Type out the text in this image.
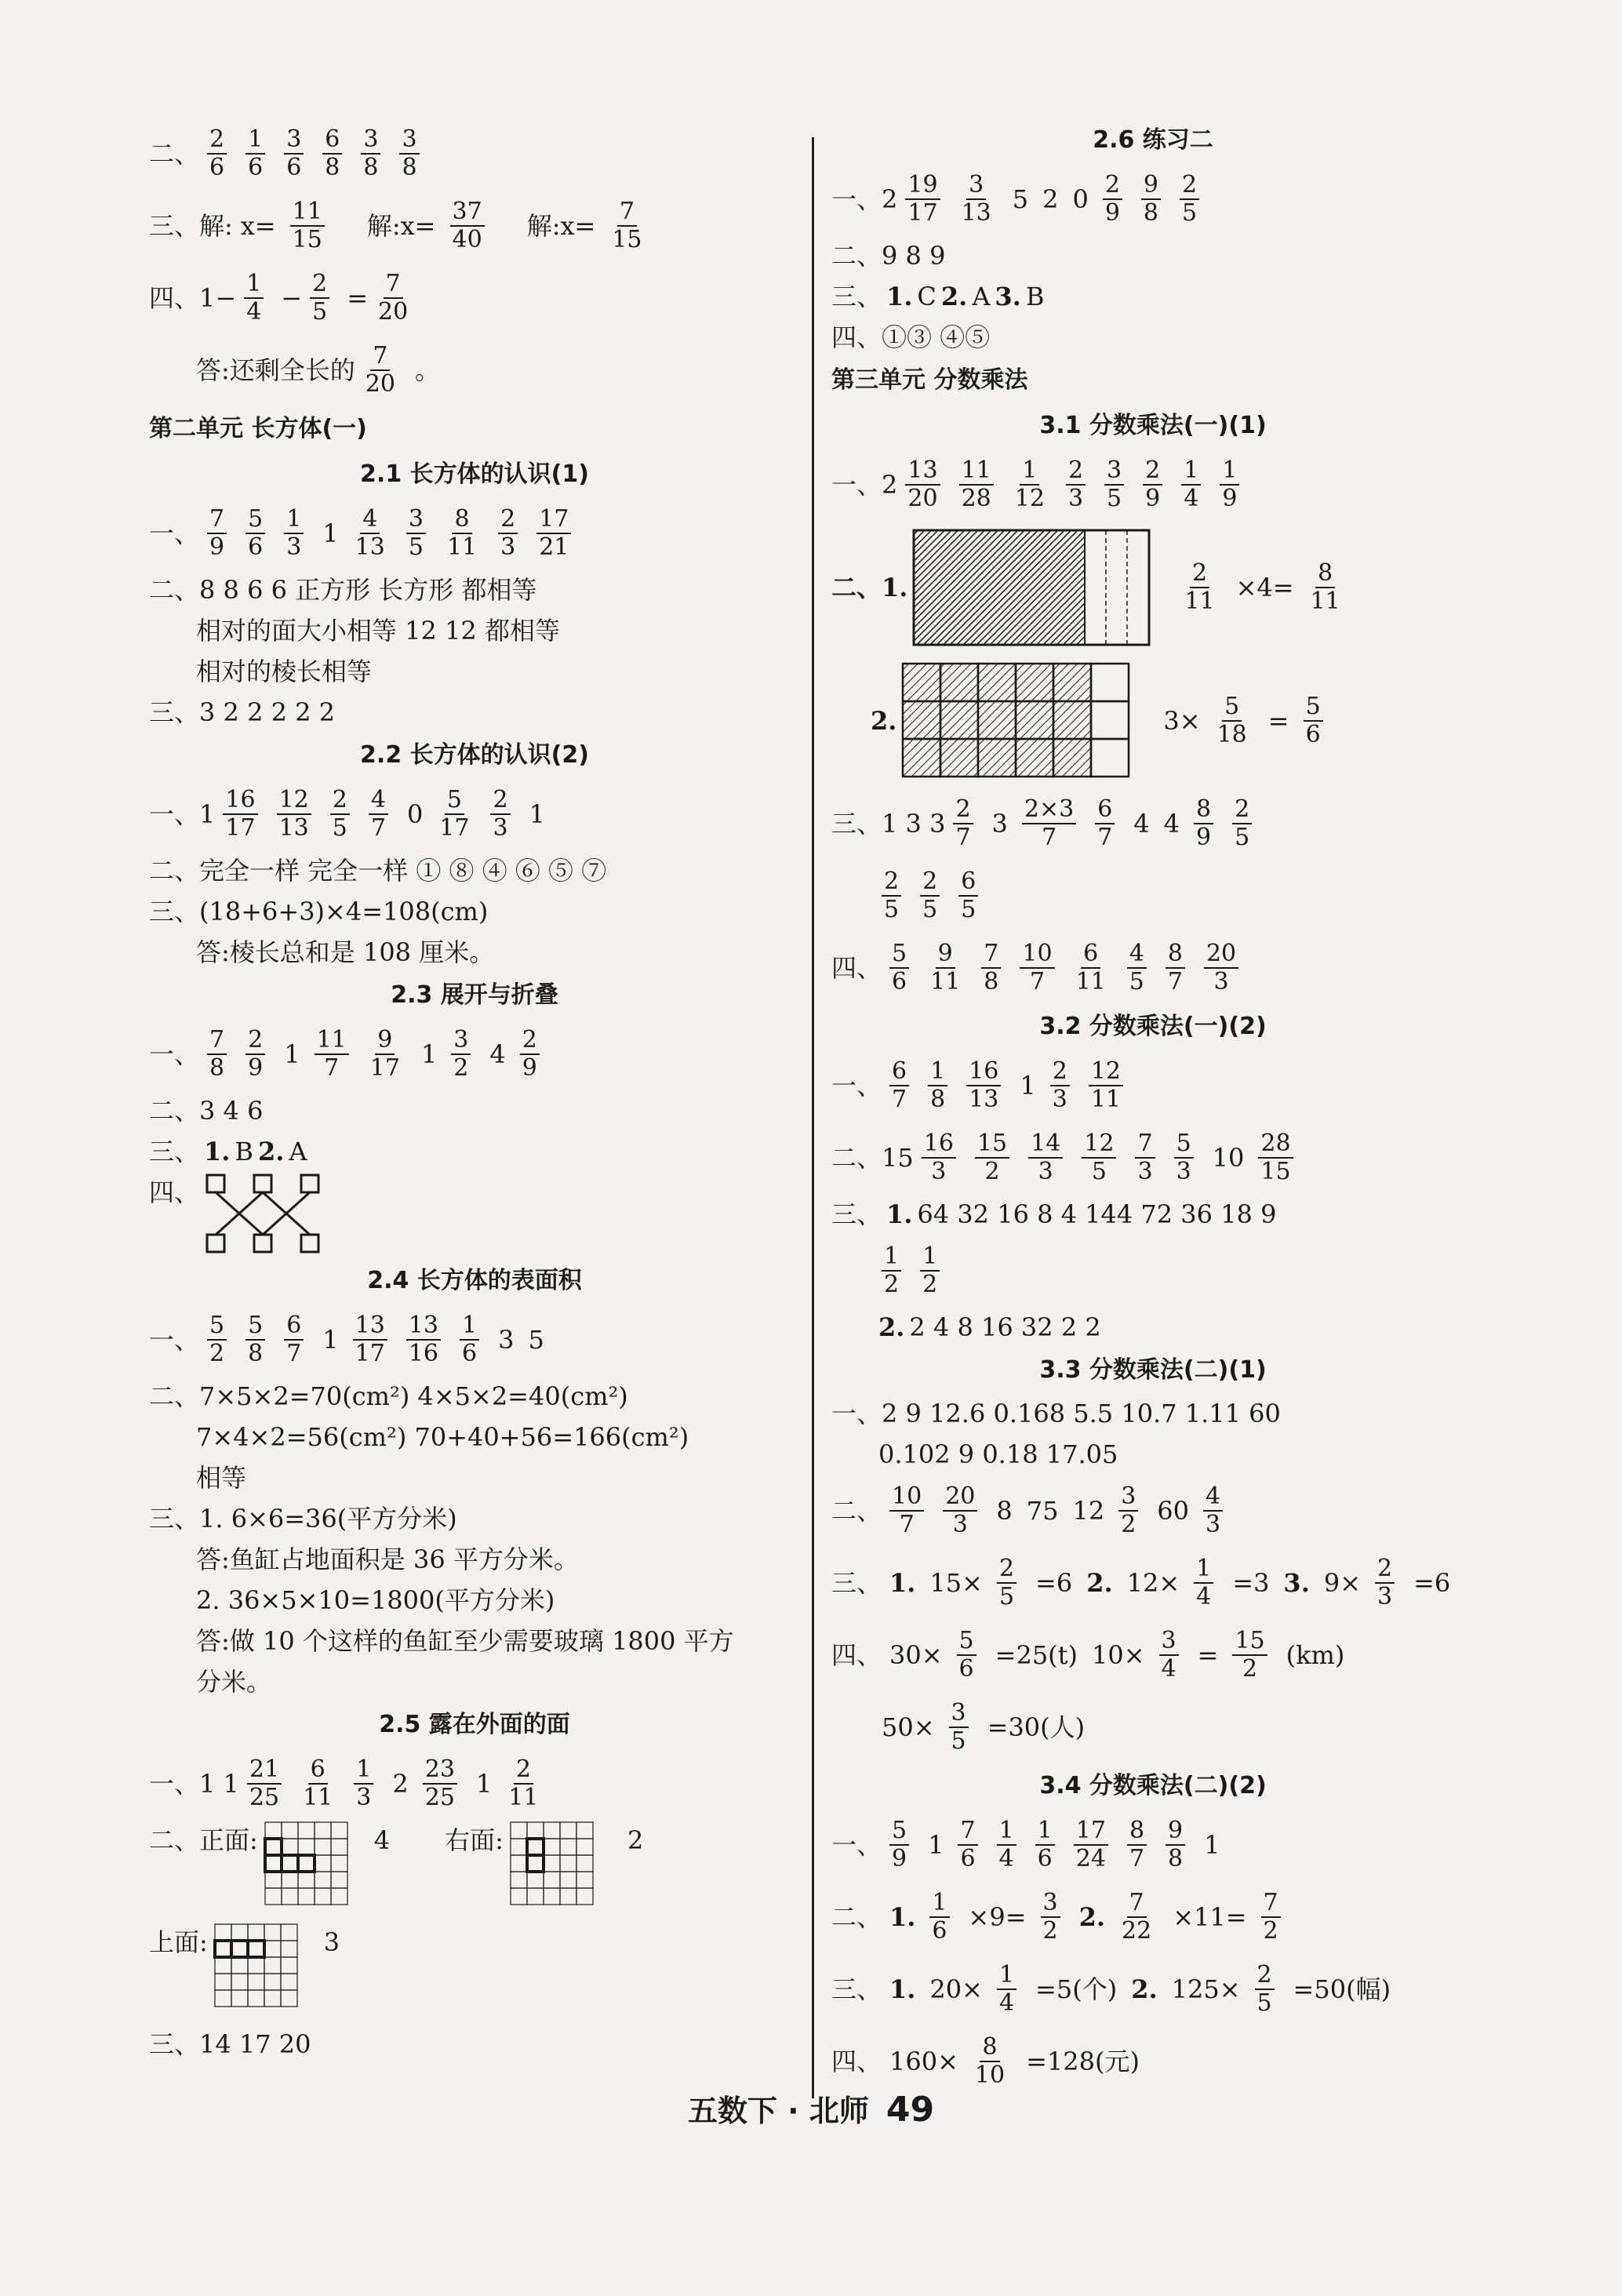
二、 $\frac{2}{6} \frac{1}{6} \frac{3}{6} \frac{6}{8} \frac{3}{8} \frac{3}{8}$
三、解: $x= \frac{11}{15}$ 解:x= $\frac{37}{40}$ 解:x= $\frac{7}{15}$
四、$1- \frac{1}{4} - \frac{2}{5} = \frac{7}{20}$
答:还剩全长的 $\frac{7}{20}$ 。
第二单元 长方体(一)
2.1 长方体的认识(1)
一、 $\frac{7}{9} \frac{5}{6} \frac{1}{3} 1 \frac{4}{13} \frac{3}{5} \frac{8}{11} \frac{2}{3} \frac{17}{21}$
二、8 8 6 6 正方形 长方形 都相等
相对的面大小相等 12 12 都相等
相对的棱长相等
三、3 2 2 2 2 2
2.2 长方体的认识(2)
一、$1 \frac{16}{17} \frac{12}{13} \frac{2}{5} \frac{4}{7} 0 \frac{5}{17} \frac{2}{3} 1$
二、完全一样 完全一样 ① ⑧ ④ ⑥ ⑤ ⑦
三、(18+6+3)×4=108(cm)
答:棱长总和是 108 厘米。
2.3 展开与折叠
一、 $\frac{7}{8} \frac{2}{9} 1 \frac{11}{7} \frac{9}{17} 1 \frac{3}{2} 4 \frac{2}{9}$
二、3 4 6
三、 1. B 2. A
四、
2.4 长方体的表面积
一、 $\frac{5}{2} \frac{5}{8} \frac{6}{7} 1 \frac{13}{17} \frac{13}{16} \frac{1}{6} 3$ 5
二、7×5×2=70(cm²) 4×5×2=40(cm²)
7×4×2=56(cm²) 70+40+56=166(cm²)
相等
三、1. 6×6=36(平方分米)
答:鱼缸占地面积是 36 平方分米。
2. 36×5×10=1800(平方分米)
答:做 10 个这样的鱼缸至少需要玻璃 1800 平方
分米。
2.5 露在外面的面
一、1 $1 \frac{21}{25} \frac{6}{11} \frac{1}{3} 2 \frac{23}{25} 1 \frac{2}{11}$
二、正面:	4 右面:	2
上面:	3
三、14 17 20
2.6 练习二
一、$2 \frac{19}{17} \frac{3}{13} 5$ 2 $0 \frac{2}{9} \frac{9}{8} \frac{2}{5}$
二、9 8 9
三、 1. C 2. A 3. B
四、①③ ④⑤
第三单元 分数乘法
3.1 分数乘法(一)(1)
一、$2 \frac{13}{20} \frac{11}{28} \frac{1}{12} \frac{2}{3} \frac{3}{5} \frac{2}{9} \frac{1}{4} \frac{1}{9}$
二、1.	$\frac{2}{11} \times 4= \frac{8}{11}$
2.	$3\times \frac{5}{18} = \frac{5}{6}$
三、1 3 $3 \frac{2}{7} 3 \frac{2\times 3}{7} \frac{6}{7} 4$ $4 \frac{8}{9} \frac{2}{5}$
$\frac{2}{5} \frac{2}{5} \frac{6}{5}$
四、 $\frac{5}{6} \frac{9}{11} \frac{7}{8} \frac{10}{7} \frac{6}{11} \frac{4}{5} \frac{8}{7} \frac{20}{3}$
3.2 分数乘法(一)(2)
一、 $\frac{6}{7} \frac{1}{8} \frac{16}{13} 1 \frac{2}{3} \frac{12}{11}$
二、$15 \frac{16}{3} \frac{15}{2} \frac{14}{3} \frac{12}{5} \frac{7}{3} \frac{5}{3} 10 \frac{28}{15}$
三、 1. 64 32 16 8 4 144 72 36 18 9
$\frac{1}{2} \frac{1}{2}$
2. 2 4 8 16 32 2 2
3.3 分数乘法(二)(1)
一、2 9 12.6 0.168 5.5 10.7 1.11 60
0.102 9 0.18 17.05
二、 $\frac{10}{7} \frac{20}{3} 8$ 75 $12 \frac{3}{2} 60 \frac{4}{3}$
三、 1. $15\times \frac{2}{5} =6$ 2. $12\times \frac{1}{4} =3$ 3. $9\times \frac{2}{3} =6$
四、 $30\times \frac{5}{6} =25(t)$ $10\times \frac{3}{4} = \frac{15}{2} (km)$
$50\times \frac{3}{5} =30$(人)
3.4 分数乘法(二)(2)
一、 $\frac{5}{9} 1 \frac{7}{6} \frac{1}{4} \frac{1}{6} \frac{17}{24} \frac{8}{7} \frac{9}{8} 1$
二、 1. $\frac{1}{6} \times 9= \frac{3}{2} 2$. $\frac{7}{22} \times 11= \frac{7}{2}$
三、 1. $20\times \frac{1}{4} =5$(个) 2. $125\times \frac{2}{5} =50$(幅)
四、 $160\times \frac{8}{10} =128$(元)
五数下 · 北师 49
